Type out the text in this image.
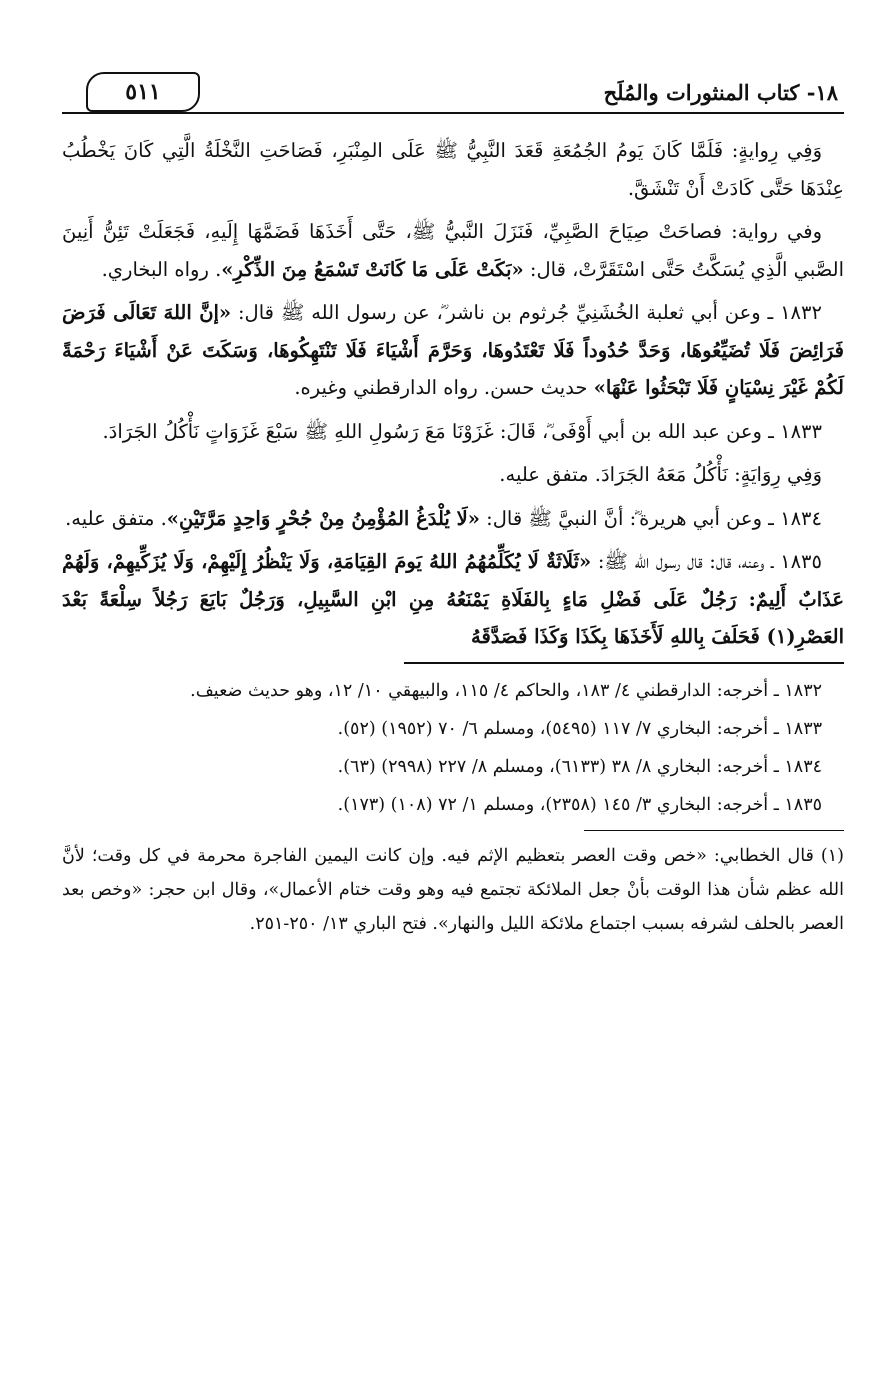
١٨- كتاب المنثورات والمُلَح
٥١١

وَفِي رِوايةٍ: فَلَمَّا كَانَ يَومُ الجُمُعَةِ قَعَدَ النَّبِيُّ ﷺ عَلَى المِنْبَرِ، فَصَاحَتِ النَّخْلَةُ الَّتِي كَانَ يَخْطُبُ عِنْدَهَا حَتَّى كَادَتْ أَنْ تَنْشَقَّ.

وفي رواية: فصاحَتْ صِيَاحَ الصَّبِيِّ، فَنَزَلَ النَّبيُّ ﷺ، حَتَّى أَخَذَهَا فَضَمَّهَا إِلَيهِ، فَجَعَلَتْ تَئِنُّ أَنِينَ الصَّبي الَّذِي يُسَكَّتُ حَتَّى اسْتَقَرَّتْ، قال: «بَكَتْ عَلَى مَا كَانَتْ تَسْمَعُ مِنَ الذِّكْرِ». رواه البخاري.

١٨٣٢ ـ وعن أبي ثعلبة الخُشَنِيِّ جُرثوم بن ناشر ؓ، عن رسول الله ﷺ قال: «إنَّ اللهَ تَعَالَى فَرَضَ فَرَائِضَ فَلَا تُضَيِّعُوهَا، وَحَدَّ حُدُوداً فَلَا تَعْتَدُوهَا، وَحَرَّمَ أَشْيَاءَ فَلَا تَنْتَهِكُوهَا، وَسَكَتَ عَنْ أَشْيَاءَ رَحْمَةً لَكُمْ غَيْرَ نِسْيَانٍ فَلَا تَبْحَثُوا عَنْهَا» حديث حسن. رواه الدارقطني وغيره.

١٨٣٣ ـ وعن عبد الله بن أبي أَوْفَى ؓ، قَالَ: غَزَوْنَا مَعَ رَسُولِ اللهِ ﷺ سَبْعَ غَزَوَاتٍ نَأْكُلُ الجَرَادَ.

وَفِي رِوَايَةٍ: نَأْكُلُ مَعَهُ الجَرَادَ. متفق عليه.

١٨٣٤ ـ وعن أبي هريرة ؓ: أنَّ النبيَّ ﷺ قال: «لَا يُلْدَغُ المُؤْمِنُ مِنْ جُحْرٍ وَاحِدٍ مَرَّتَيْنِ». متفق عليه.

١٨٣٥ ـ وعنه، قال: قال رسول الله ﷺ: «ثَلَاثَةٌ لَا يُكَلِّمُهُمُ اللهُ يَومَ القِيَامَةِ، وَلَا يَنْظُرُ إِلَيْهِمْ، وَلَا يُزَكِّيهِمْ، وَلَهُمْ عَذَابٌ أَلِيمٌ: رَجُلٌ عَلَى فَضْلِ مَاءٍ بِالفَلَاةِ يَمْنَعُهُ مِنِ ابْنِ السَّبِيلِ، وَرَجُلٌ بَايَعَ رَجُلاً سِلْعَةً بَعْدَ العَصْرِ(١) فَحَلَفَ بِاللهِ لَأَخَذَهَا بِكَذَا وَكَذَا فَصَدَّقَهُ

١٨٣٢ ـ أخرجه: الدارقطني ٤/ ١٨٣، والحاكم ٤/ ١١٥، والبيهقي ١٠/ ١٢، وهو حديث ضعيف.

١٨٣٣ ـ أخرجه: البخاري ٧/ ١١٧ (٥٤٩٥)، ومسلم ٦/ ٧٠ (١٩٥٢) (٥٢).

١٨٣٤ ـ أخرجه: البخاري ٨/ ٣٨ (٦١٣٣)، ومسلم ٨/ ٢٢٧ (٢٩٩٨) (٦٣).

١٨٣٥ ـ أخرجه: البخاري ٣/ ١٤٥ (٢٣٥٨)، ومسلم ١/ ٧٢ (١٠٨) (١٧٣).

(١) قال الخطابي: «خص وقت العصر بتعظيم الإثم فيه. وإن كانت اليمين الفاجرة محرمة في كل وقت؛ لأنَّ الله عظم شأن هذا الوقت بأنْ جعل الملائكة تجتمع فيه وهو وقت ختام الأعمال»، وقال ابن حجر: «وخص بعد العصر بالحلف لشرفه بسبب اجتماع ملائكة الليل والنهار». فتح الباري ١٣/ ٢٥٠-٢٥١.
